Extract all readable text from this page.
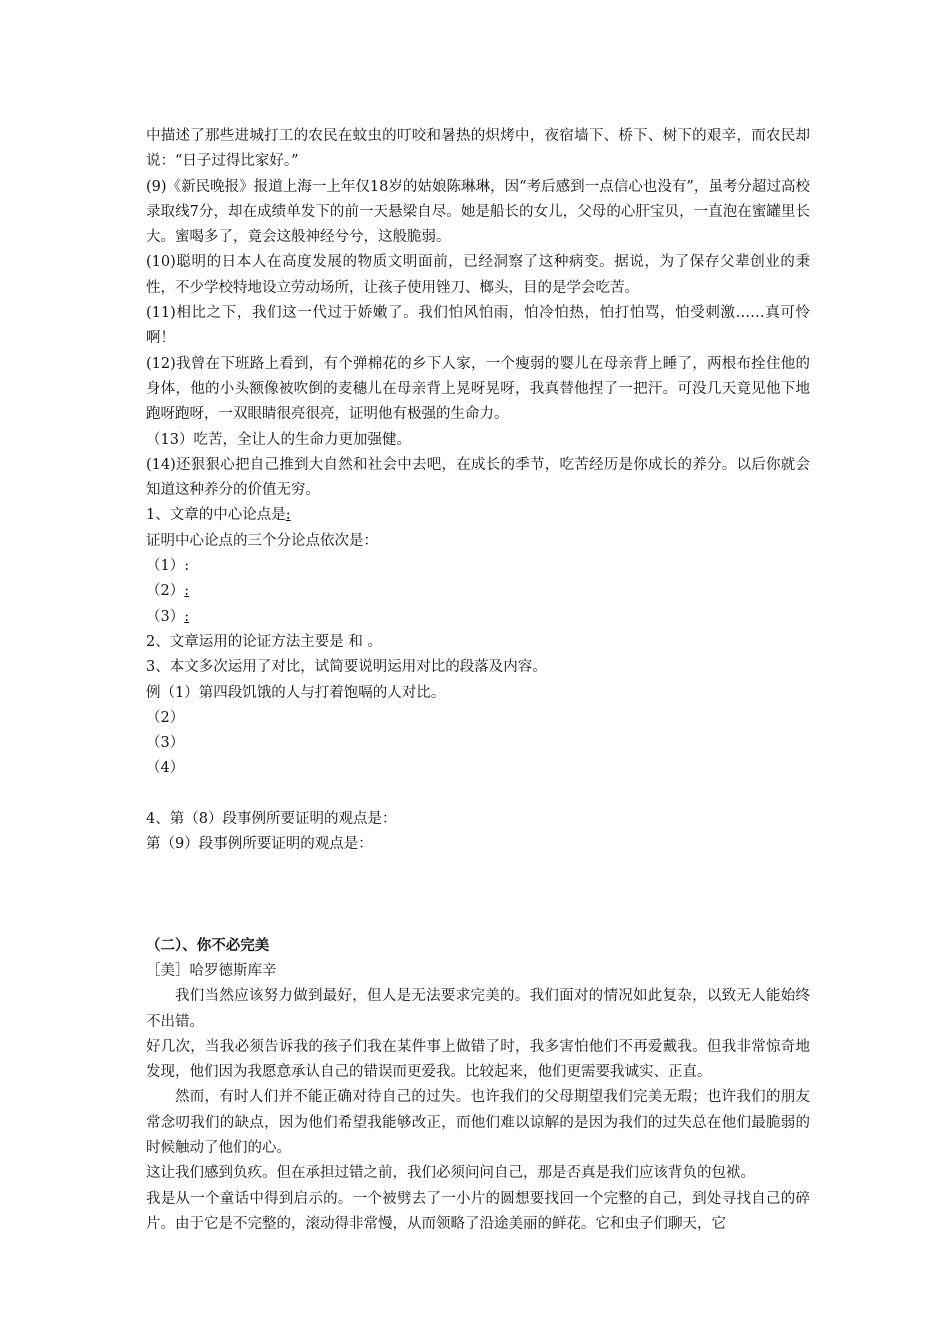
中描述了那些进城打工的农民在蚊虫的叮咬和暑热的炽烤中，夜宿墙下、桥下、树下的艰辛，而农民却说：“日子过得比家好。”

(9)《新民晚报》报道上海一上年仅18岁的姑娘陈琳琳，因“考后感到一点信心也没有”，虽考分超过高校录取线7分，却在成绩单发下的前一天悬梁自尽。她是船长的女儿，父母的心肝宝贝，一直泡在蜜罐里长大。蜜喝多了，竟会这般神经兮兮，这般脆弱。

(10)聪明的日本人在高度发展的物质文明面前，已经洞察了这种病变。据说，为了保存父辈创业的秉性，不少学校特地设立劳动场所，让孩子使用锉刀、榔头，目的是学会吃苦。

(11)相比之下，我们这一代过于娇嫩了。我们怕风怕雨，怕冷怕热，怕打怕骂，怕受刺激……真可怜啊！

(12)我曾在下班路上看到，有个弹棉花的乡下人家，一个瘦弱的婴儿在母亲背上睡了，两根布拴住他的身体，他的小头额像被吹倒的麦穗儿在母亲背上晃呀晃呀，我真替他捏了一把汗。可没几天竟见他下地跑呀跑呀，一双眼睛很亮很亮，证明他有极强的生命力。

（13）吃苦，全让人的生命力更加强健。

(14)还狠狠心把自己推到大自然和社会中去吧，在成长的季节，吃苦经历是你成长的养分。以后你就会知道这种养分的价值无穷。

1、文章的中心论点是:

证明中心论点的三个分论点依次是：

（1）:

（2）:

（3）:

2、文章运用的论证方法主要是 和 。

3、本文多次运用了对比，试简要说明运用对比的段落及内容。

例（1）第四段饥饿的人与打着饱嗝的人对比。

（2）

（3）

（4）

4、第（8）段事例所要证明的观点是：

第（9）段事例所要证明的观点是：

（二）、你不必完美

［美］哈罗德斯库辛

我们当然应该努力做到最好，但人是无法要求完美的。我们面对的情况如此复杂，以致无人能始终不出错。

好几次，当我必须告诉我的孩子们我在某件事上做错了时，我多害怕他们不再爱戴我。但我非常惊奇地发现，他们因为我愿意承认自己的错误而更爱我。比较起来，他们更需要我诚实、正直。

然而，有时人们并不能正确对待自己的过失。也许我们的父母期望我们完美无瑕；也许我们的朋友常念叨我们的缺点，因为他们希望我能够改正，而他们难以谅解的是因为我们的过失总在他们最脆弱的时候触动了他们的心。

这让我们感到负疚。但在承担过错之前，我们必须问问自己，那是否真是我们应该背负的包袱。

我是从一个童话中得到启示的。一个被劈去了一小片的圆想要找回一个完整的自己，到处寻找自己的碎片。由于它是不完整的，滚动得非常慢，从而领略了沿途美丽的鲜花。它和虫子们聊天，它
